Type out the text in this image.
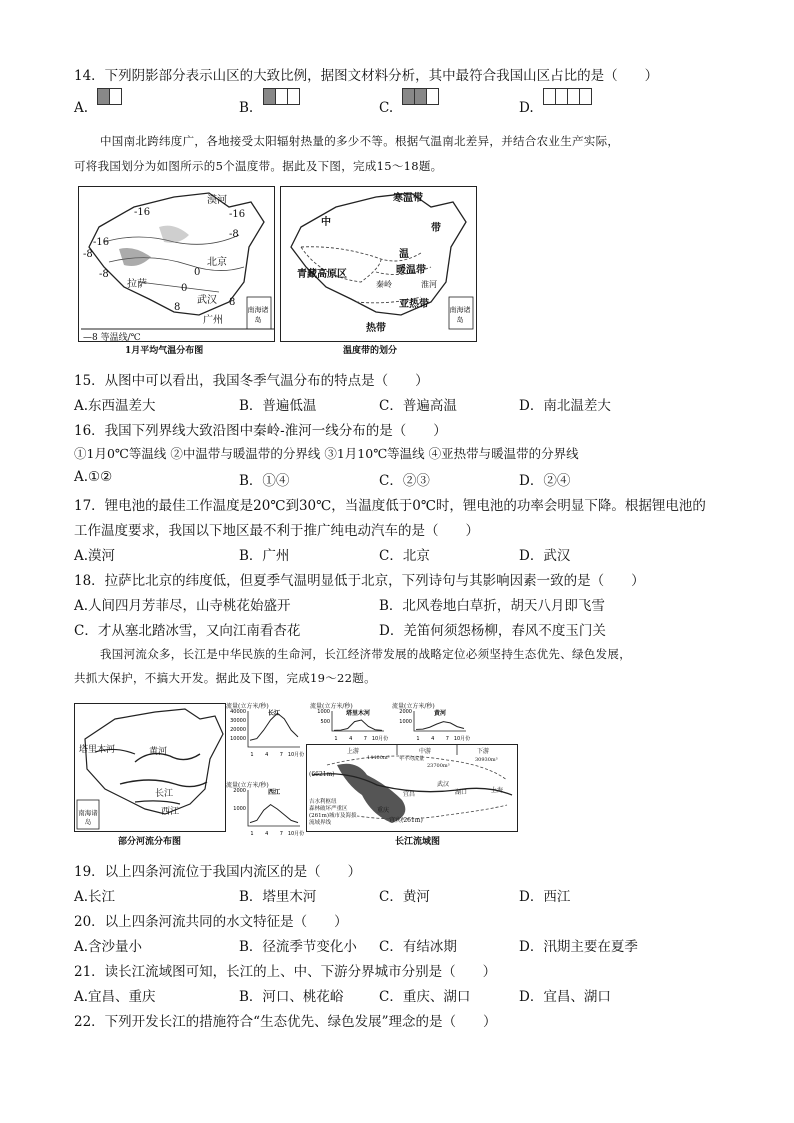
14．下列阴影部分表示山区的大致比例，据图文材料分析，其中最符合我国山区占比的是（　　）
A.	B.	C.	D.
中国南北跨纬度广，各地接受太阳辐射热量的多少不等。根据气温南北差异，并结合农业生产实际，
可将我国划分为如图所示的5个温度带。据此及下图，完成15～18题。
漠河
-16
-8
-16
-16
-8
-8
北京
0
拉萨	0
武汉
8	8
广州
南海诸岛
—8 等温线/℃
1月平均气温分布图
寒温带
中
温
带
青藏高原区	暖温带
秦岭	淮河
亚热带
热带
南海诸岛
温度带的划分
15．从图中可以看出，我国冬季气温分布的特点是（　　）
A.东西温差大	B．普遍低温	C．普遍高温	D．南北温差大
16．我国下列界线大致沿图中秦岭-淮河一线分布的是（　　）
①1月0℃等温线 ②中温带与暖温带的分界线 ③1月10℃等温线 ④亚热带与暖温带的分界线
A.①②	B．①④	C．②③	D．②④
17．锂电池的最佳工作温度是20℃到30℃，当温度低于0℃时，锂电池的功率会明显下降。根据锂电池的
工作温度要求，我国以下地区最不利于推广纯电动汽车的是（　　）
A.漠河	B．广州	C．北京	D．武汉
18．拉萨比北京的纬度低，但夏季气温明显低于北京，下列诗句与其影响因素一致的是（　　）
A.人间四月芳菲尽，山寺桃花始盛开	B．北风卷地白草折，胡天八月即飞雪
C．才从塞北踏冰雪，又向江南看杏花	D．羌笛何须怨杨柳，春风不度玉门关
我国河流众多，长江是中华民族的生命河，长江经济带发展的战略定位必须坚持生态优先、绿色发展，
共抓大保护，不搞大开发。据此及下图，完成19～22题。
塔里木河	黄河
长江
西江
南海诸岛
部分河流分布图
40000
30000
20000
10000
1 4 7 10月份
长江
流量(立方米/秒)
1000
500
1 4 7 10月份
塔里木河
流量(立方米/秒)
2000
1000
1 4 7 10月份
黄河
流量(立方米/秒)
2000
1000
1 4 7 10月份
西江
流量(立方米/秒)
上游	中游	下游
年平均流量
14400m³
23700m³
30930m³
宜昌	湖口
重庆
宜宾(261m)
(6621m)
武汉
上海
吉水利枢纽
森林破坏严重区
(261m)城市及海拔
流域界线
长江流域图
19．以上四条河流位于我国内流区的是（　　）
A.长江	B．塔里木河	C．黄河	D．西江
20．以上四条河流共同的水文特征是（　　）
A.含沙量小	B．径流季节变化小	C．有结冰期	D．汛期主要在夏季
21．读长江流域图可知，长江的上、中、下游分界城市分别是（　　）
A.宜昌、重庆	B．河口、桃花峪	C．重庆、湖口	D．宜昌、湖口
22．下列开发长江的措施符合“生态优先、绿色发展”理念的是（　　）
